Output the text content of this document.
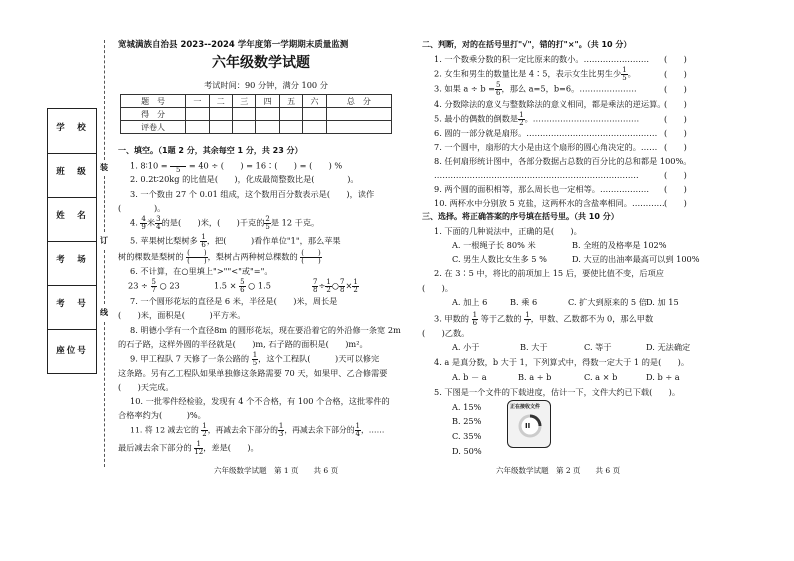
学　校
班　级
姓　名
考　场
考　号
座位号
装
订
线
宽城满族自治县 2023--2024 学年度第一学期期末质量监测
六年级数学试题
考试时间：90 分钟，满分 100 分
题　号	一	二	三	四	五	六	总　分
得　分							
评卷人							
一、填空。（1题 2 分，其余每空 1 分，共 23 分）
1. 8∶10 =
　　	5	= 40 ÷ (　　) = 16∶(　　) = (　　) %
2. 0.2t∶20kg 的比值是(　　)，化成最简整数比是(　　　　)。
3. 一个数由 27 个 0.01 组成，这个数用百分数表示是(　　)，读作
(　　　　)。
4. $\frac{4}{9}$ 米 $\frac{3}{4}$ 的是(　　)米，(　　)千克的 $\frac{2}{5}$ 是 12 千克。
5. 苹果树比梨树多 $\frac{1}{6}$ ，把(　　　)看作单位"1"，那么苹果
树的棵数是梨树的 $\frac{( )}{( )}$ ，梨树占两种树总棵数的 $\frac{( )}{( )}$
6. 不计算，在○里填上">""<"或"="。
$23 \div \frac{5}{7}$ ○ 23	$1.5 \times \frac{5}{6}$ ○ 1.5	$\frac{7}{8} \div \frac{1}{2}$ ○ $\frac{7}{8} \times \frac{1}{2}$
7. 一个圆形花坛的直径是 6 米，半径是(　　)米，周长是
(　　)米，面积是(　　　)平方米。
8. 明德小学有一个直径8m 的圆形花坛，现在要沿着它的外沿修一条宽 2m
的石子路，这样外圆的半径就是(　　)m, 石子路的面积是(　　)m²。
9. 甲工程队 7 天修了一条公路的 $\frac{1}{5}$ ，这个工程队(　　　)天可以修完
这条路。另有乙工程队如果单独修这条路需要 70 天，如果甲、乙合修需要
(　　)天完成。
10. 一批零件经检验，发现有 4 个不合格，有 100 个合格，这批零件的
合格率约为(　　　)%。
11. 将 12 减去它的 $\frac{1}{2}$ ，再减去余下部分的 $\frac{1}{3}$ ，再减去余下部分的 $\frac{1}{4}$ ，……
最后减去余下部分的 $\frac{1}{12}$ ，差是(　　)。
六年级数学试题　第 1 页　　共 6 页
二、判断，对的在括号里打"√"，错的打"×"。（共 10 分）
1. 一个数乘分数的积一定比原来的数小。…………………… (　　)
2. 女生和男生的数量比是 4∶5，表示女生比男生少 $\frac{1}{5}$ 。	(　　)
3. 如果 $a \div b = \frac{5}{6}$ ，那么 a=5，b=6。…………………	(　　)
4. 分数除法的意义与整数除法的意义相同，都是乘法的逆运算。
(　　)
5. 最小的偶数的倒数是 $\frac{1}{2}$ 。…………………………………	(　　)
6. 圆的一部分就是扇形。………………………………………… (　　)
7. 一个圆中，扇形的大小是由这个扇形的圆心角决定的。…… (　　)
8. 任何扇形统计图中，各部分数据占总数的百分比的总和都是 100%。
…………………………………………………………………	(　　)
9. 两个圆的面积相等，那么周长也一定相等。……………… (　　)
10. 两杯水中分别放 5 克盐，这两杯水的含盐率相同。………… (　　)
三、选择。将正确答案的序号填在括号里。（共 10 分）
1. 下面的几种说法中，正确的是(　　)。
A. 一根绳子长 80% 米	B. 全班的及格率是 102%
C. 男生人数比女生多 5 %	D. 大豆的出油率最高可以到 100%
2. 在 3∶5 中，将比的前项加上 15 后，要使比值不变，后项应
(　　)。
A. 加上 6	B. 乘 6	C. 扩大到原来的 5 倍 D. 加 15
3. 甲数的 $\frac{1}{6}$ 等于乙数的 $\frac{1}{7}$ ，甲数、乙数都不为 0，那么甲数
(　　)乙数。
A. 小于	B. 大于	C. 等于	D. 无法确定
4. a 是真分数，b 大于 1，下列算式中，得数一定大于 1 的是(　　)。
A. b － a	B. a ÷ b	C. a × b	D. b ÷ a
5. 下图是一个文件的下载进度，估计一下，文件大约已下载(　　)。
A. 15%
B. 25%
C. 35%
D. 50%
正在接收文件
II
六年级数学试题　第 2 页　　共 6 页
